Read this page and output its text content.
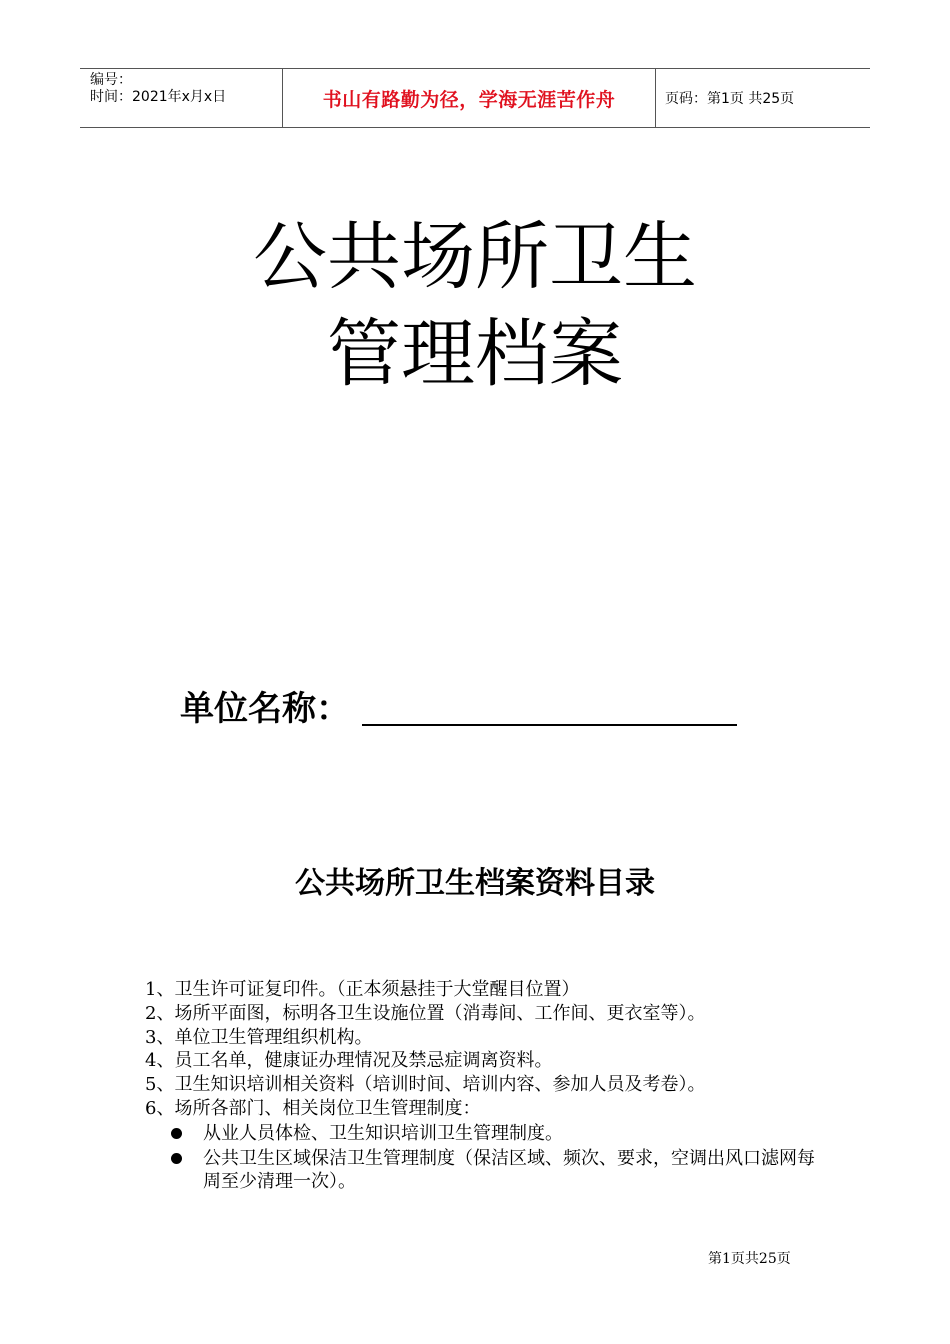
编号：
时间：2021年x月x日	书山有路勤为径，学海无涯苦作舟	页码：第1页 共25页
公共场所卫生
管理档案
单位名称：
公共场所卫生档案资料目录
1、卫生许可证复印件。（正本须悬挂于大堂醒目位置）
2、场所平面图，标明各卫生设施位置（消毒间、工作间、更衣室等）。
3、单位卫生管理组织机构。
4、员工名单，健康证办理情况及禁忌症调离资料。
5、卫生知识培训相关资料（培训时间、培训内容、参加人员及考卷）。
6、场所各部门、相关岗位卫生管理制度：
从业人员体检、卫生知识培训卫生管理制度。
公共卫生区域保洁卫生管理制度（保洁区域、频次、要求，空调出风口滤网每周至少清理一次）。
第1页共25页
